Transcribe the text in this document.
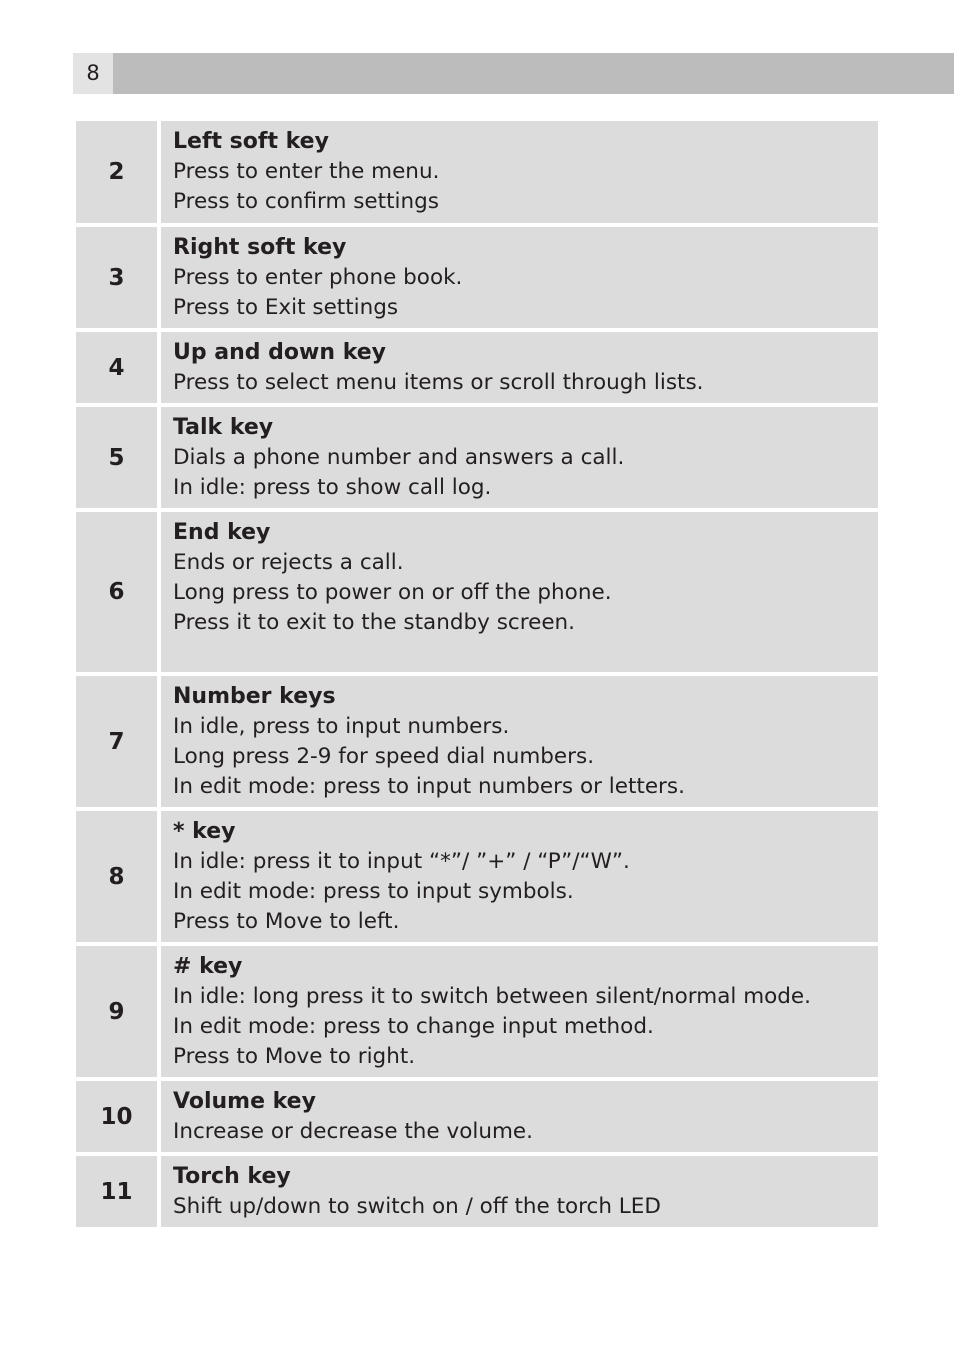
8
2
Left soft key
Press to enter the menu.
Press to confirm settings
3
Right soft key
Press to enter phone book.
Press to Exit settings
4
Up and down key
Press to select menu items or scroll through lists.
5
Talk key
Dials a phone number and answers a call.
In idle: press to show call log.
6
End key
Ends or rejects a call.
Long press to power on or off the phone.
Press it to exit to the standby screen.
7
Number keys
In idle, press to input numbers.
Long press 2-9 for speed dial numbers.
In edit mode: press to input numbers or letters.
8
* key
In idle: press it to input “*”/ ”+” / “P”/“W”.
In edit mode: press to input symbols.
Press to Move to left.
9
# key
In idle: long press it to switch between silent/normal mode.
In edit mode: press to change input method.
Press to Move to right.
10
Volume key
Increase or decrease the volume.
11
Torch key
Shift up/down to switch on / off the torch LED
